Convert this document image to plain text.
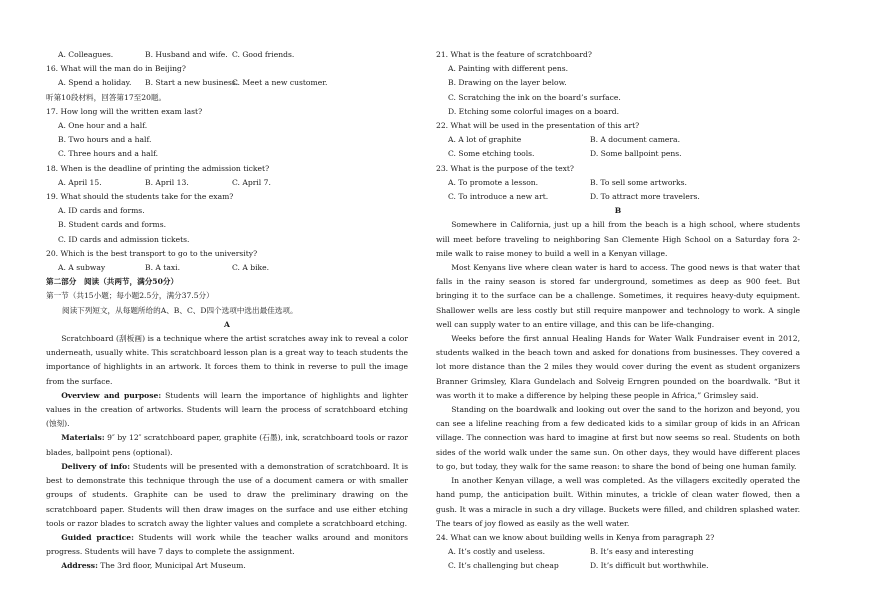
A. Colleagues.	B. Husband and wife. C. Good friends.
16. What will the man do in Beijing?
A. Spend a holiday.	B. Start a new business.
C. Meet a new customer.
听第10段材料，回答第17至20题。
17. How long will the written exam last?
A. One hour and a half.
B. Two hours and a half.
C. Three hours and a half.
18. When is the deadline of printing the admission ticket?
A. April 15.	B. April 13.	C. April 7.
19. What should the students take for the exam?
A. ID cards and forms.
B. Student cards and forms.
C. ID cards and admission tickets.
20. Which is the best transport to go to the university?
A. A subway	B. A taxi.	C. A bike.
第二部分　阅读（共两节，满分50分）
第一节（共15小题；每小题2.5分，满分37.5分）
阅读下列短文，从每题所给的A、B、C、D四个选项中选出最佳选项。
A

Scratchboard (刮板画) is a technique where the artist scratches away ink to reveal a color underneath, usually white. This scratchboard lesson plan is a great way to teach students the importance of highlights in an artwork. It forces them to think in reverse to pull the image from the surface.

Overview and purpose: Students will learn the importance of highlights and lighter values in the creation of artworks. Students will learn the process of scratchboard etching (蚀刻).

Materials: 9″ by 12″ scratchboard paper, graphite (石墨), ink, scratchboard tools or razor blades, ballpoint pens (optional).

Delivery of info: Students will be presented with a demonstration of scratchboard. It is best to demonstrate this technique through the use of a document camera or with smaller groups of students. Graphite can be used to draw the preliminary drawing on the scratchboard paper. Students will then draw images on the surface and use either etching tools or razor blades to scratch away the lighter values and complete a scratchboard etching.

Guided practice: Students will work while the teacher walks around and monitors progress. Students will have 7 days to complete the assignment.

Address: The 3rd floor, Municipal Art Museum.

21. What is the feature of scratchboard?
A. Painting with different pens.
B. Drawing on the layer below.
C. Scratching the ink on the board’s surface.
D. Etching some colorful images on a board.
22. What will be used in the presentation of this art?
A. A lot of graphite	B. A document camera.
C. Some etching tools.	D. Some ballpoint pens.
23. What is the purpose of the text?
A. To promote a lesson.	B. To sell some artworks.
C. To introduce a new art.	D. To attract more travelers.
B

Somewhere in California, just up a hill from the beach is a high school, where students will meet before traveling to neighboring San Clemente High School on a Saturday fora 2-mile walk to raise money to build a well in a Kenyan village.

Most Kenyans live where clean water is hard to access. The good news is that water that falls in the rainy season is stored far underground, sometimes as deep as 900 feet. But bringing it to the surface can be a challenge. Sometimes, it requires heavy-duty equipment. Shallower wells are less costly but still require manpower and technology to work. A single well can supply water to an entire village, and this can be life-changing.

Weeks before the first annual Healing Hands for Water Walk Fundraiser event in 2012, students walked in the beach town and asked for donations from businesses. They covered a lot more distance than the 2 miles they would cover during the event as student organizers Branner Grimsley, Klara Gundelach and Solveig Erngren pounded on the boardwalk. “But it was worth it to make a difference by helping these people in Africa,” Grimsley said.

Standing on the boardwalk and looking out over the sand to the horizon and beyond, you can see a lifeline reaching from a few dedicated kids to a similar group of kids in an African village. The connection was hard to imagine at first but now seems so real. Students on both sides of the world walk under the same sun. On other days, they would have different places to go, but today, they walk for the same reason: to share the bond of being one human family.

In another Kenyan village, a well was completed. As the villagers excitedly operated the hand pump, the anticipation built. Within minutes, a trickle of clean water flowed, then a gush. It was a miracle in such a dry village. Buckets were filled, and children splashed water. The tears of joy flowed as easily as the well water.

24. What can we know about building wells in Kenya from paragraph 2?
A. It’s costly and useless.	B. It’s easy and interesting
C. It’s challenging but cheap	D. It’s difficult but worthwhile.
